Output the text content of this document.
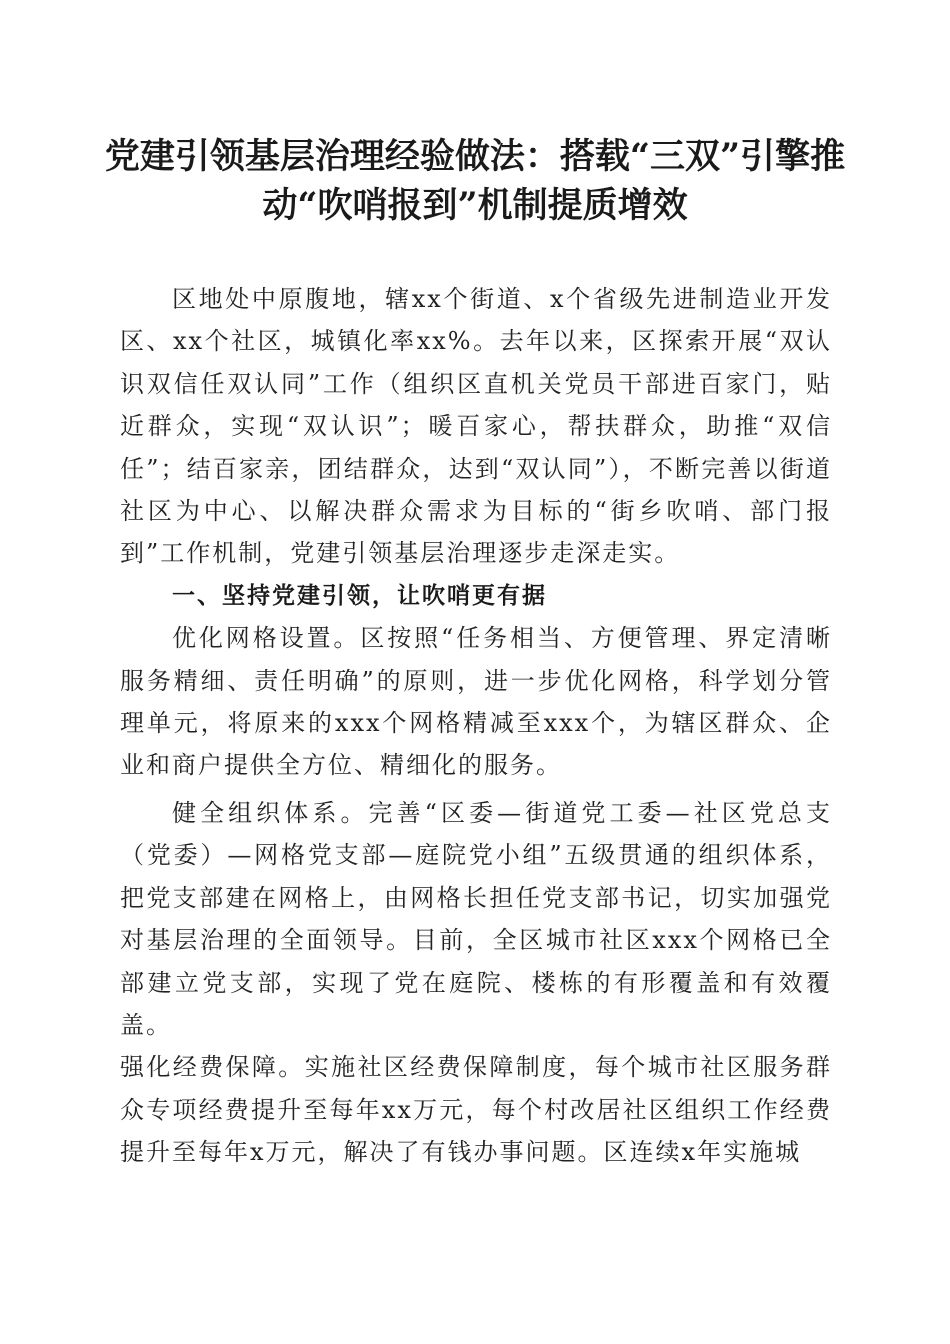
党建引领基层治理经验做法：搭载“三双”引擎推动“吹哨报到”机制提质增效

区地处中原腹地，辖xx个街道、x个省级先进制造业开发区、xx个社区，城镇化率xx%。去年以来，区探索开展“双认识双信任双认同”工作（组织区直机关党员干部进百家门，贴近群众，实现“双认识”；暖百家心，帮扶群众，助推“双信任”；结百家亲，团结群众，达到“双认同”），不断完善以街道社区为中心、以解决群众需求为目标的“街乡吹哨、部门报到”工作机制，党建引领基层治理逐步走深走实。

一、坚持党建引领，让吹哨更有据

优化网格设置。区按照“任务相当、方便管理、界定清晰服务精细、责任明确”的原则，进一步优化网格，科学划分管理单元，将原来的xxx个网格精减至xxx个，为辖区群众、企业和商户提供全方位、精细化的服务。

健全组织体系。完善“区委—街道党工委—社区党总支（党委）—网格党支部—庭院党小组”五级贯通的组织体系，把党支部建在网格上，由网格长担任党支部书记，切实加强党对基层治理的全面领导。目前，全区城市社区xxx个网格已全部建立党支部，实现了党在庭院、楼栋的有形覆盖和有效覆盖。

强化经费保障。实施社区经费保障制度，每个城市社区服务群众专项经费提升至每年xx万元，每个村改居社区组织工作经费提升至每年x万元，解决了有钱办事问题。区连续x年实施城
